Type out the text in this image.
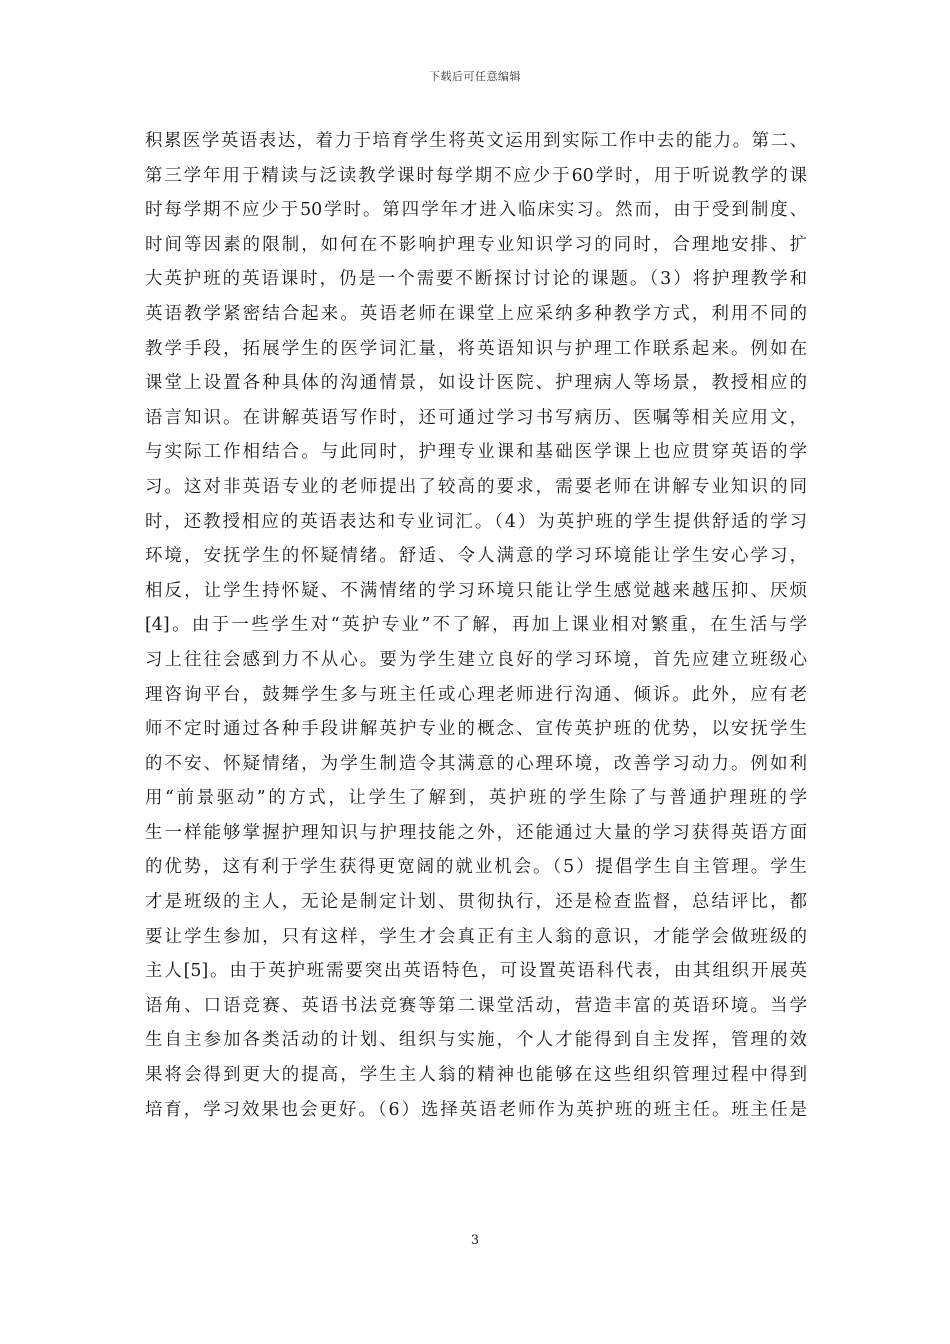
下载后可任意编辑
积累医学英语表达，着力于培育学生将英文运用到实际工作中去的能力。第二、
第三学年用于精读与泛读教学课时每学期不应少于60学时，用于听说教学的课
时每学期不应少于50学时。第四学年才进入临床实习。然而，由于受到制度、
时间等因素的限制，如何在不影响护理专业知识学习的同时，合理地安排、扩
大英护班的英语课时，仍是一个需要不断探讨讨论的课题。（3）将护理教学和
英语教学紧密结合起来。英语老师在课堂上应采纳多种教学方式，利用不同的
教学手段，拓展学生的医学词汇量，将英语知识与护理工作联系起来。例如在
课堂上设置各种具体的沟通情景，如设计医院、护理病人等场景，教授相应的
语言知识。在讲解英语写作时，还可通过学习书写病历、医嘱等相关应用文，
与实际工作相结合。与此同时，护理专业课和基础医学课上也应贯穿英语的学
习。这对非英语专业的老师提出了较高的要求，需要老师在讲解专业知识的同
时，还教授相应的英语表达和专业词汇。（4）为英护班的学生提供舒适的学习
环境，安抚学生的怀疑情绪。舒适、令人满意的学习环境能让学生安心学习，
相反，让学生持怀疑、不满情绪的学习环境只能让学生感觉越来越压抑、厌烦
[4]。由于一些学生对“英护专业”不了解，再加上课业相对繁重，在生活与学
习上往往会感到力不从心。要为学生建立良好的学习环境，首先应建立班级心
理咨询平台，鼓舞学生多与班主任或心理老师进行沟通、倾诉。此外，应有老
师不定时通过各种手段讲解英护专业的概念、宣传英护班的优势，以安抚学生
的不安、怀疑情绪，为学生制造令其满意的心理环境，改善学习动力。例如利
用“前景驱动”的方式，让学生了解到，英护班的学生除了与普通护理班的学
生一样能够掌握护理知识与护理技能之外，还能通过大量的学习获得英语方面
的优势，这有利于学生获得更宽阔的就业机会。（5）提倡学生自主管理。学生
才是班级的主人，无论是制定计划、贯彻执行，还是检查监督，总结评比，都
要让学生参加，只有这样，学生才会真正有主人翁的意识，才能学会做班级的
主人[5]。由于英护班需要突出英语特色，可设置英语科代表，由其组织开展英
语角、口语竞赛、英语书法竞赛等第二课堂活动，营造丰富的英语环境。当学
生自主参加各类活动的计划、组织与实施，个人才能得到自主发挥，管理的效
果将会得到更大的提高，学生主人翁的精神也能够在这些组织管理过程中得到
培育，学习效果也会更好。（6）选择英语老师作为英护班的班主任。班主任是
3
